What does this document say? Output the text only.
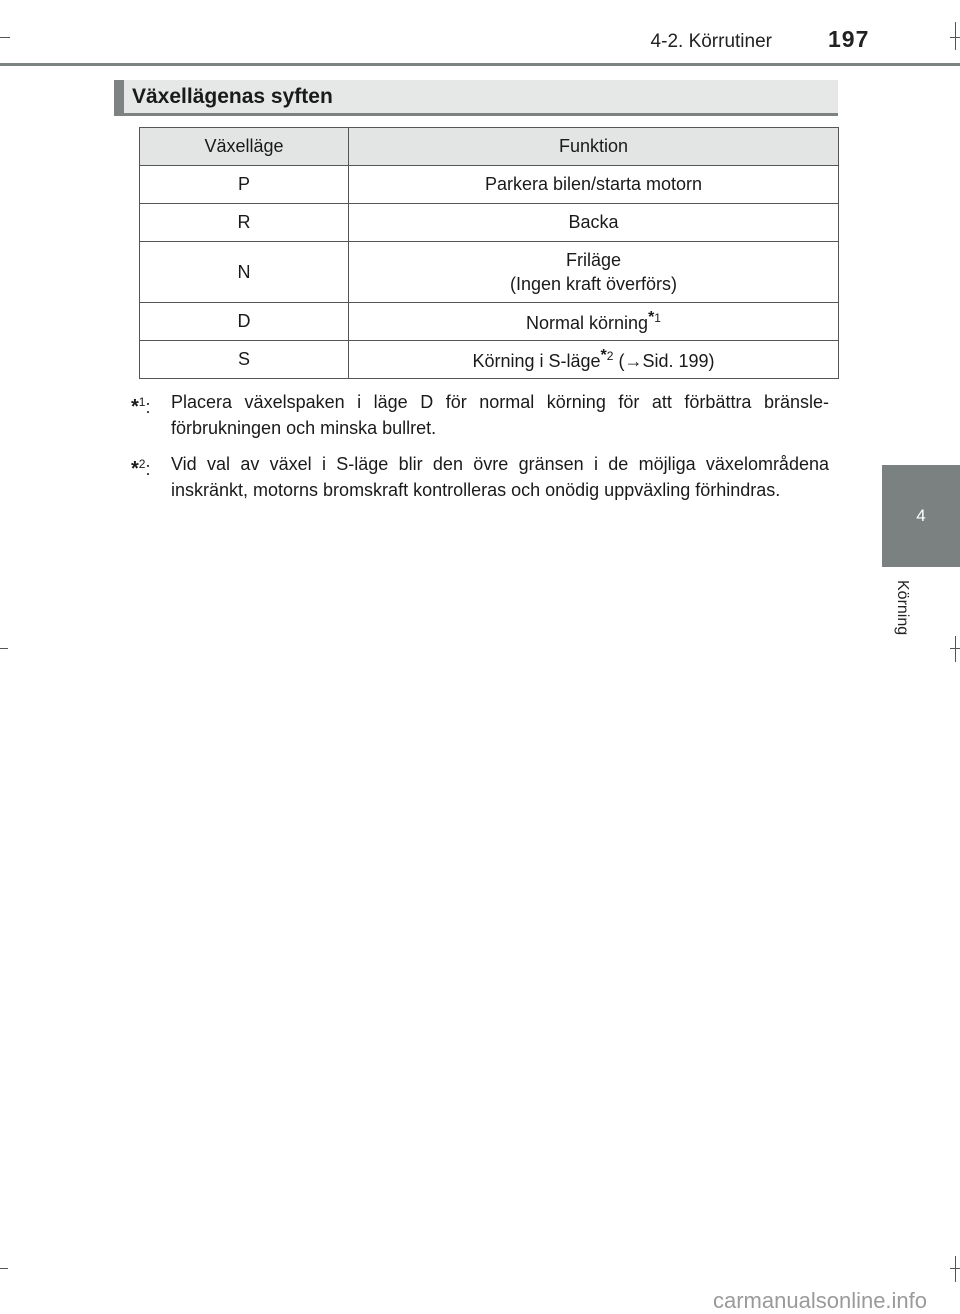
4-2. Körrutiner 197
4
Körning
Växellägenas syften
Växelläge	Funktion
P	Parkera bilen/starta motorn
R	Backa
N	Friläge
(Ingen kraft överförs)

D	Normal körning$^{*1}$
S	Körning i S-läge$^{*2}$ (→Sid. 199)
*$^1$: Placera växelspaken i läge D för normal körning för att förbättra bränsle-förbrukningen och minska bullret.
*$^2$: Vid val av växel i S-läge blir den övre gränsen i de möjliga växelområdena inskränkt, motorns bromskraft kontrolleras och onödig uppväxling förhindras.
carmanualsonline.info
